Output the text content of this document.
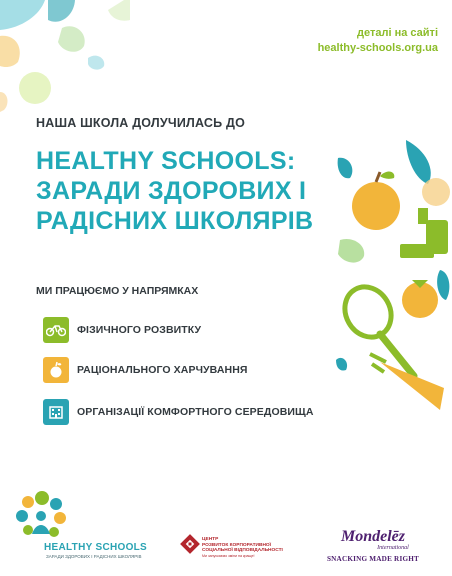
деталі на сайті
healthy-schools.org.ua
НАША ШКОЛА ДОЛУЧИЛАСЬ ДО
HEALTHY SCHOOLS:
ЗАРАДИ ЗДОРОВИХ І
РАДІСНИХ ШКОЛЯРІВ
МИ ПРАЦЮЄМО У НАПРЯМКАХ
ФІЗИЧНОГО РОЗВИТКУ
РАЦІОНАЛЬНОГО ХАРЧУВАННЯ
ОРГАНІЗАЦІЇ КОМФОРТНОГО СЕРЕДОВИЩА
HEALTHY SCHOOLS
ЗАРАДИ ЗДОРОВИХ І РАДІСНИХ ШКОЛЯРІВ
ЦЕНТР
РОЗВИТОК КОРПОРАТИВНОЇ
СОЦІАЛЬНОЇ ВІДПОВІДАЛЬНОСТІ
Ми запускаємо зміни на краще!
Mondelēz
International
SNACKING MADE RIGHT
